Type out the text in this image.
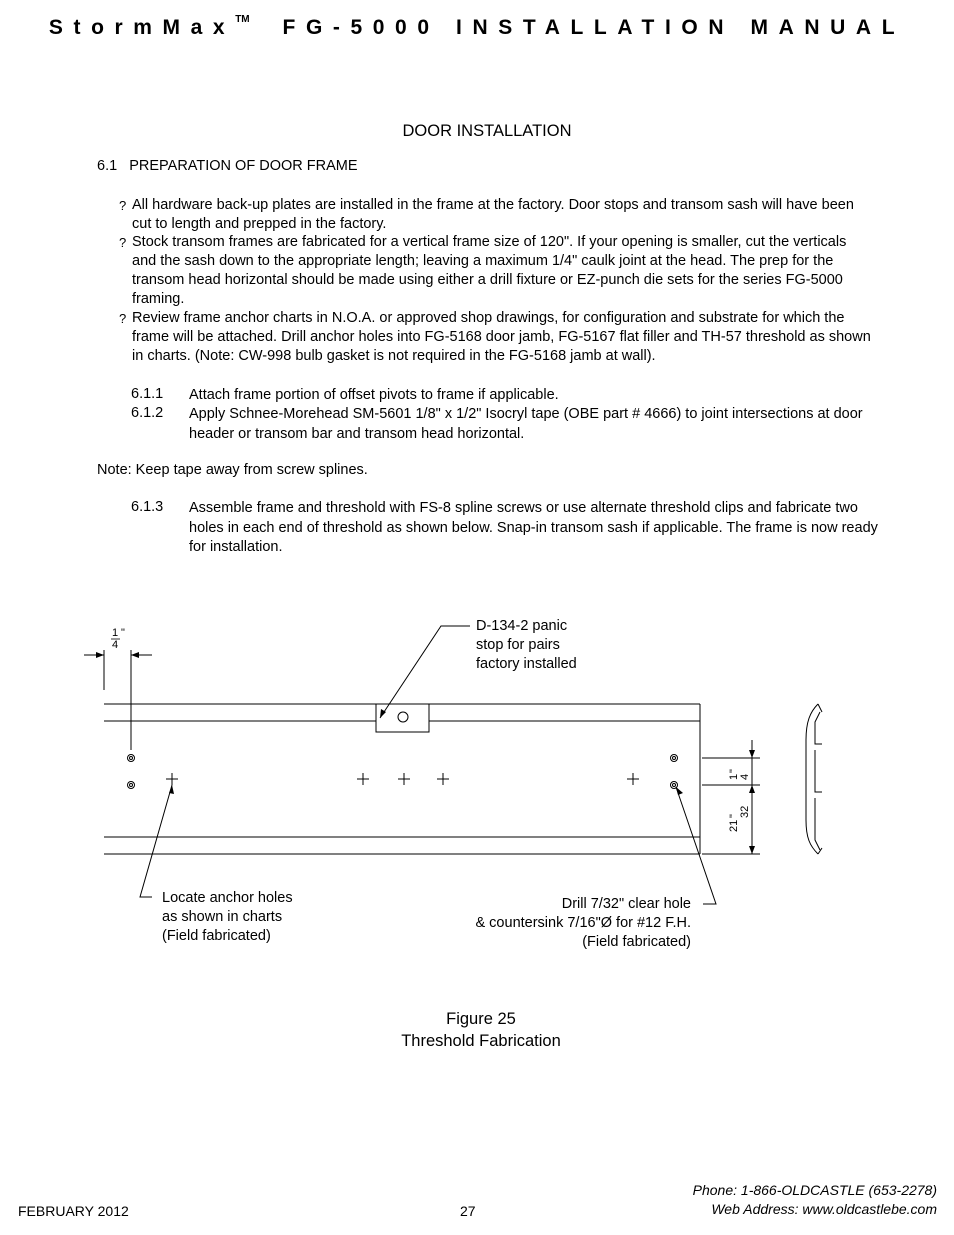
StormMax™ FG-5000 INSTALLATION MANUAL
DOOR INSTALLATION
6.1   PREPARATION OF DOOR FRAME
? All hardware back-up plates are installed in the frame at the factory. Door stops and transom sash will have been cut to length and prepped in the factory.
? Stock transom frames are fabricated for a vertical frame size of 120". If your opening is smaller, cut the verticals and the sash down to the appropriate length; leaving a maximum 1/4" caulk joint at the head. The prep for the transom head horizontal should be made using either a drill fixture or EZ-punch die sets for the series FG-5000 framing.
? Review frame anchor charts in N.O.A. or approved shop drawings, for configuration and substrate for which the frame will be attached. Drill anchor holes into FG-5168 door jamb, FG-5167 flat filler and TH-57 threshold as shown in charts. (Note: CW-998 bulb gasket is not required in the FG-5168 jamb at wall).
6.1.1	Attach frame portion of offset pivots to frame if applicable.
6.1.2	Apply Schnee-Morehead SM-5601 1/8" x 1/2" Isocryl tape (OBE part # 4666) to joint intersections at door header or transom bar and transom head horizontal.
Note: Keep tape away from screw splines.
6.1.3	Assemble frame and threshold with FS-8 spline screws or use alternate threshold clips and fabricate two holes in each end of threshold as shown below. Snap-in transom sash if applicable. The frame is now ready for installation.
1
4
"
1 4
"
21
" 32
D-134-2 panic
stop for pairs
factory installed
Locate anchor holes
as shown in charts
(Field fabricated)
Drill 7/32" clear hole
& countersink 7/16"Ø for #12 F.H.
(Field fabricated)
Figure 25
Threshold Fabrication
FEBRUARY 2012	27
Phone: 1-866-OLDCASTLE (653-2278)
Web Address: www.oldcastlebe.com
